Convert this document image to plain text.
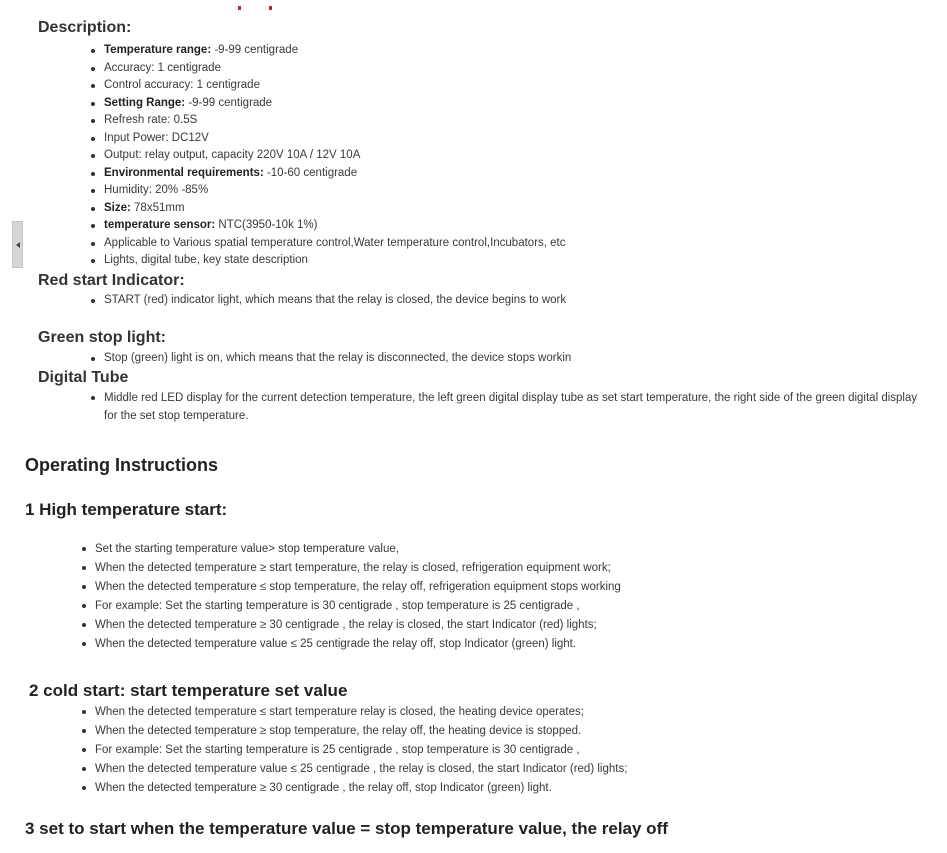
Description:
Temperature range: -9-99 centigrade
Accuracy: 1 centigrade
Control accuracy: 1 centigrade
Setting Range: -9-99 centigrade
Refresh rate: 0.5S
Input Power: DC12V
Output: relay output, capacity 220V 10A / 12V 10A
Environmental requirements: -10-60 centigrade
Humidity: 20% -85%
Size: 78x51mm
temperature sensor: NTC(3950-10k 1%)
Applicable to Various spatial temperature control,Water temperature control,Incubators, etc
Lights, digital tube, key state description
Red start Indicator:
START (red) indicator light, which means that the relay is closed, the device begins to work
Green stop light:
Stop (green) light is on, which means that the relay is disconnected, the device stops workin
Digital Tube
Middle red LED display for the current detection temperature, the left green digital display tube as set start temperature, the right side of the green digital display for the set stop temperature.
Operating Instructions
1 High temperature start:
Set the starting temperature value> stop temperature value,
When the detected temperature ≥ start temperature, the relay is closed, refrigeration equipment work;
When the detected temperature ≤ stop temperature, the relay off, refrigeration equipment stops working
For example: Set the starting temperature is 30 centigrade , stop temperature is 25 centigrade ,
When the detected temperature ≥ 30 centigrade , the relay is closed, the start Indicator (red) lights;
When the detected temperature value ≤ 25 centigrade the relay off, stop Indicator (green) light.
2 cold start: start temperature set value
When the detected temperature ≤ start temperature relay is closed, the heating device operates;
When the detected temperature ≥ stop temperature, the relay off, the heating device is stopped.
For example: Set the starting temperature is 25 centigrade , stop temperature is 30 centigrade ,
When the detected temperature value ≤ 25 centigrade , the relay is closed, the start Indicator (red) lights;
When the detected temperature ≥ 30 centigrade , the relay off, stop Indicator (green) light.
3 set to start when the temperature value = stop temperature value, the relay off
